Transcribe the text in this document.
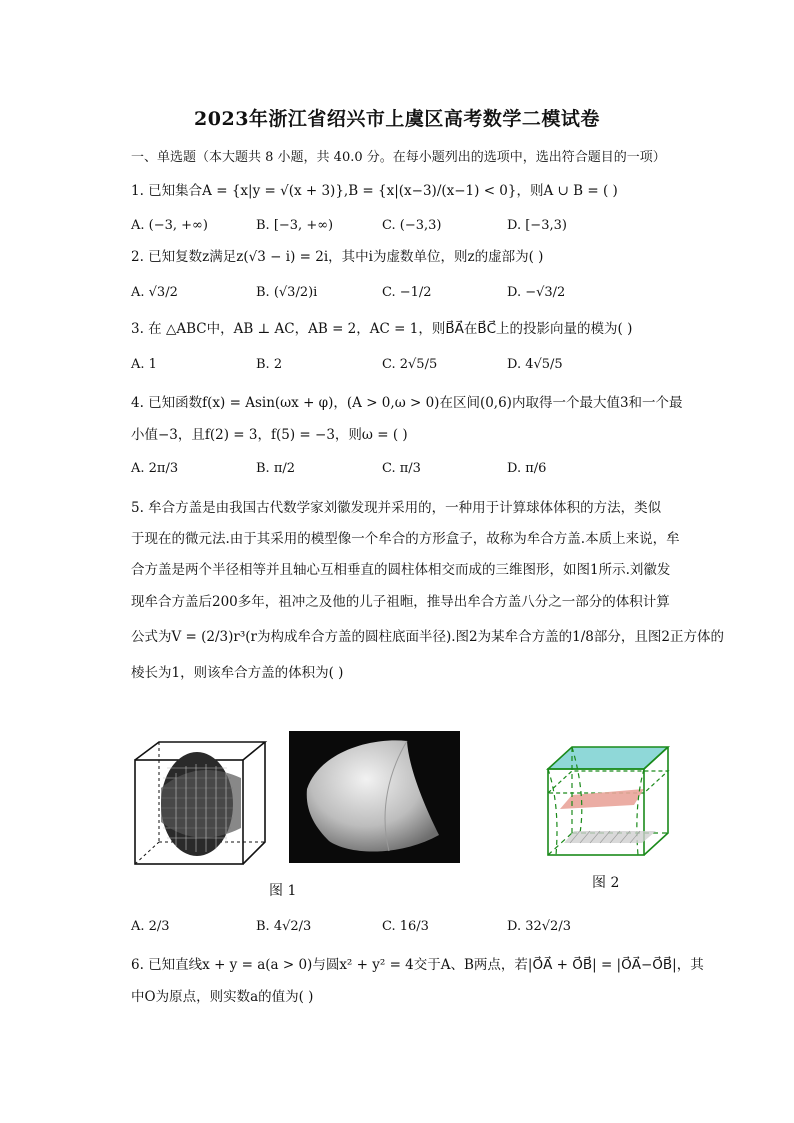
2023年浙江省绍兴市上虞区高考数学二模试卷
一、单选题（本大题共 8 小题，共 40.0 分。在每小题列出的选项中，选出符合题目的一项）
1. 已知集合A = {x|y = √(x + 3)},B = {x|(x−3)/(x−1) < 0}，则A ∪ B = ( )
A. (−3, +∞)	B. [−3, +∞)	C. (−3,3)	D. [−3,3)
2. 已知复数z满足z(√3 − i) = 2i，其中i为虚数单位，则z的虚部为( )
A. √3/2	B. (√3/2)i	C. −1/2	D. −√3/2
3. 在 △ABC中，AB ⊥ AC，AB = 2，AC = 1，则B⃗A⃗在B⃗C⃗上的投影向量的模为( )
A. 1	B. 2	C. 2√5/5	D. 4√5/5
4. 已知函数f(x) = Asin(ωx + φ)，(A > 0,ω > 0)在区间(0,6)内取得一个最大值3和一个最
小值−3，且f(2) = 3，f(5) = −3，则ω = ( )
A. 2π/3	B. π/2	C. π/3	D. π/6
5. 牟合方盖是由我国古代数学家刘徽发现并采用的，一种用于计算球体体积的方法，类似
于现在的微元法.由于其采用的模型像一个牟合的方形盒子，故称为牟合方盖.本质上来说，牟
合方盖是两个半径相等并且轴心互相垂直的圆柱体相交而成的三维图形，如图1所示.刘徽发
现牟合方盖后200多年，祖冲之及他的儿子祖暅，推导出牟合方盖八分之一部分的体积计算
公式为V = (2/3)r³(r为构成牟合方盖的圆柱底面半径).图2为某牟合方盖的1/8部分，且图2正方体的
棱长为1，则该牟合方盖的体积为( )
图 1	图 2
A. 2/3	B. 4√2/3	C. 16/3	D. 32√2/3
6. 已知直线x + y = a(a > 0)与圆x² + y² = 4交于A、B两点，若|O⃗A⃗ + O⃗B⃗| = |O⃗A⃗−O⃗B⃗|，其
中O为原点，则实数a的值为( )
